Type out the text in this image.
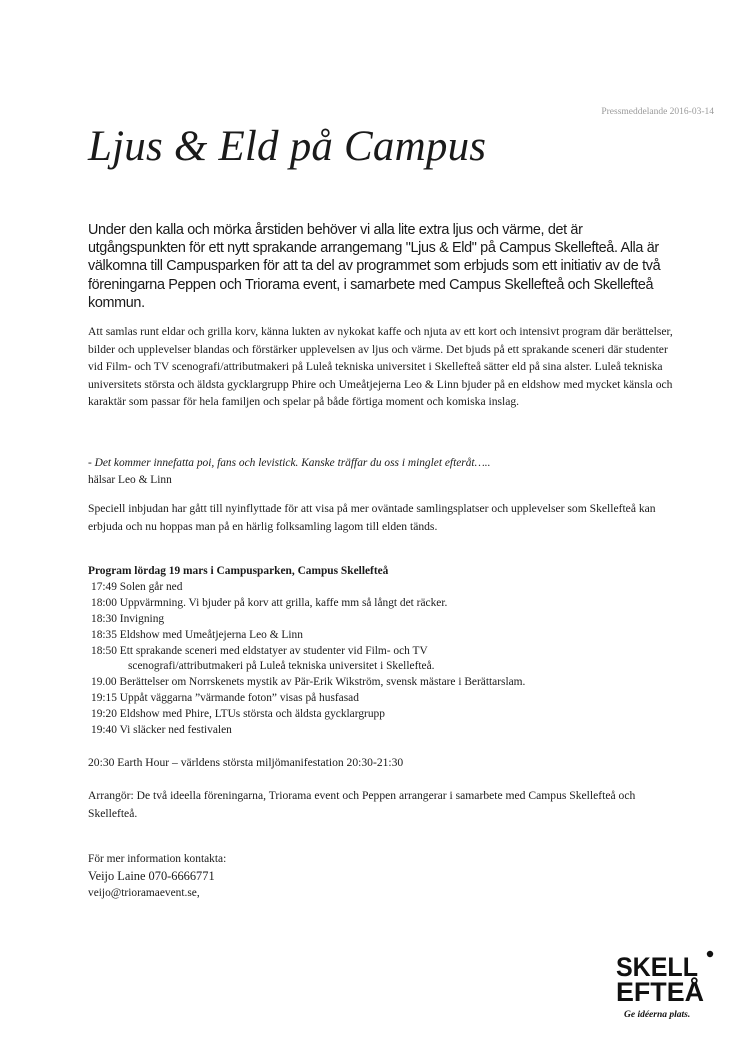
Pressmeddelande 2016-03-14
Ljus & Eld på Campus
Under den kalla och mörka årstiden behöver vi alla lite extra ljus och värme, det är utgångspunkten för ett nytt sprakande arrangemang "Ljus & Eld" på Campus Skellefteå. Alla är välkomna till Campusparken för att ta del av programmet som erbjuds som ett initiativ av de två föreningarna Peppen och Triorama event, i samarbete med Campus Skellefteå och Skellefteå kommun.

Att samlas runt eldar och grilla korv, känna lukten av nykokat kaffe och njuta av ett kort och intensivt program där berättelser, bilder och upplevelser blandas och förstärker upplevelsen av ljus och värme. Det bjuds på ett sprakande sceneri där studenter vid Film- och TV scenografi/attributmakeri på Luleå tekniska universitet i Skellefteå sätter eld på sina alster. Luleå tekniska universitets största och äldsta gycklargrupp Phire och Umeåtjejerna Leo & Linn bjuder på en eldshow med mycket känsla och karaktär som passar för hela familjen och spelar på både förtiga moment och komiska inslag.

- Det kommer innefatta poi, fans och levistick. Kanske träffar du oss i minglet efteråt…..
hälsar Leo & Linn

Speciell inbjudan har gått till nyinflyttade för att visa på mer oväntade samlingsplatser och upplevelser som Skellefteå kan erbjuda och nu hoppas man på en härlig folksamling lagom till elden tänds.

Program lördag 19 mars i Campusparken, Campus Skellefteå
17:49 Solen går ned
18:00 Uppvärmning. Vi bjuder på korv att grilla, kaffe mm så långt det räcker.
18:30 Invigning
18:35 Eldshow med Umeåtjejerna Leo & Linn
18:50 Ett sprakande sceneri med eldstatyer av studenter vid Film- och TV
scenografi/attributmakeri på Luleå tekniska universitet i Skellefteå.
19.00 Berättelser om Norrskenets mystik av Pär-Erik Wikström, svensk mästare i Berättarslam.
19:15 Uppåt väggarna ”värmande foton” visas på husfasad
19:20 Eldshow med Phire, LTUs största och äldsta gycklargrupp
19:40 Vi släcker ned festivalen

20:30 Earth Hour – världens största miljömanifestation 20:30-21:30

Arrangör: De två ideella föreningarna, Triorama event och Peppen arrangerar i samarbete med Campus Skellefteå och Skellefteå.

För mer information kontakta:
Veijo Laine 070-6666771
veijo@trioramaevent.se,
SKELL
EFTEÅ
Ge idéerna plats.
